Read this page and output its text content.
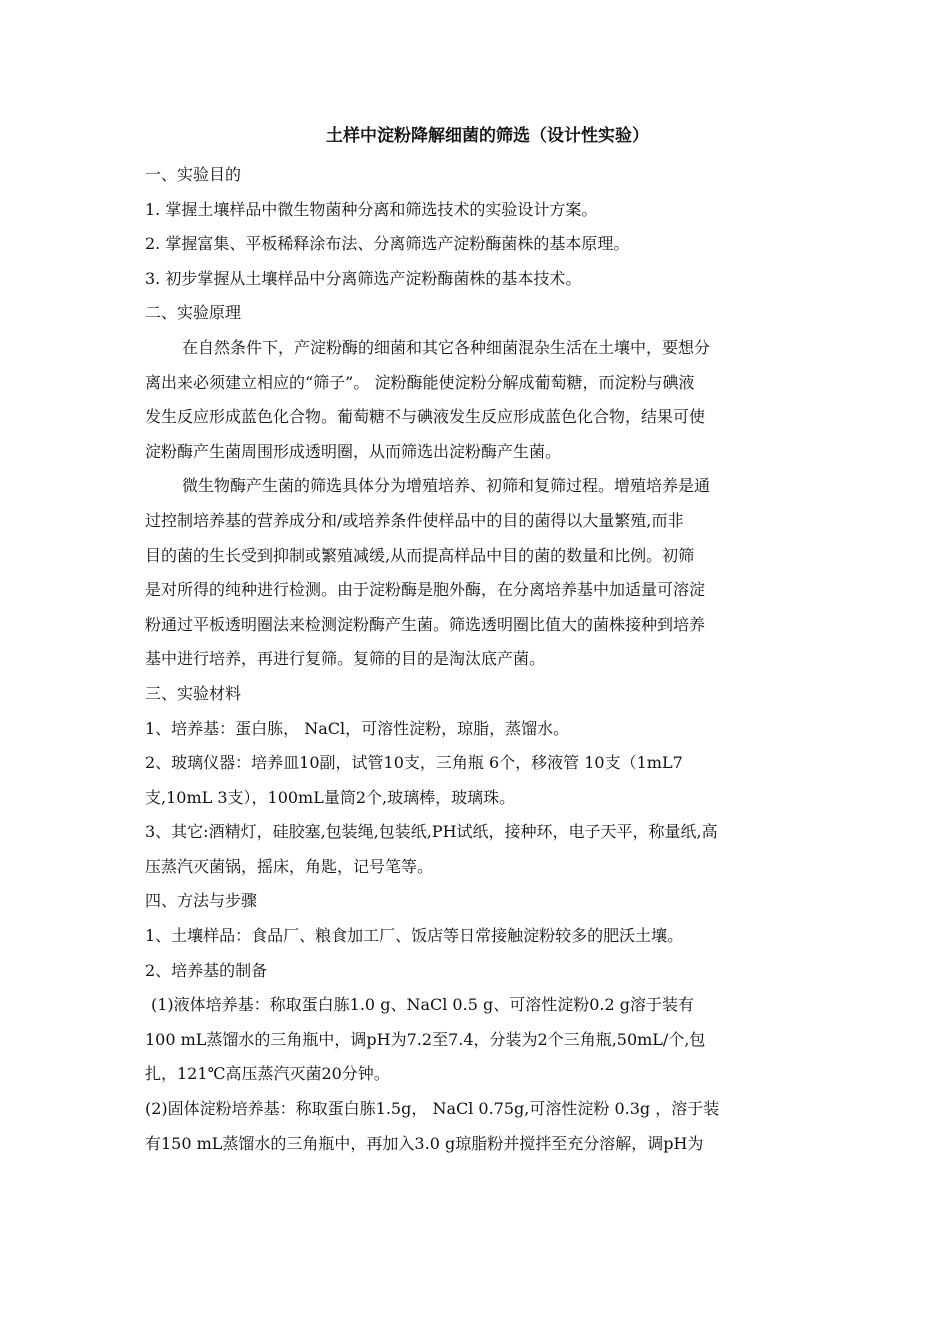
土样中淀粉降解细菌的筛选（设计性实验）
一、实验目的
1. 掌握土壤样品中微生物菌种分离和筛选技术的实验设计方案。
2. 掌握富集、平板稀释涂布法、分离筛选产淀粉酶菌株的基本原理。
3. 初步掌握从土壤样品中分离筛选产淀粉酶菌株的基本技术。
二、实验原理
在自然条件下，产淀粉酶的细菌和其它各种细菌混杂生活在土壤中，要想分
离出来必须建立相应的“筛子”。 淀粉酶能使淀粉分解成葡萄糖，而淀粉与碘液
发生反应形成蓝色化合物。葡萄糖不与碘液发生反应形成蓝色化合物，结果可使
淀粉酶产生菌周围形成透明圈，从而筛选出淀粉酶产生菌。
微生物酶产生菌的筛选具体分为增殖培养、初筛和复筛过程。增殖培养是通
过控制培养基的营养成分和/或培养条件使样品中的目的菌得以大量繁殖,而非
目的菌的生长受到抑制或繁殖减缓,从而提高样品中目的菌的数量和比例。初筛
是对所得的纯种进行检测。由于淀粉酶是胞外酶，在分离培养基中加适量可溶淀
粉通过平板透明圈法来检测淀粉酶产生菌。筛选透明圈比值大的菌株接种到培养
基中进行培养，再进行复筛。复筛的目的是淘汰底产菌。
三、实验材料
1、培养基：蛋白胨， NaCl，可溶性淀粉，琼脂，蒸馏水。
2、玻璃仪器：培养皿10副，试管10支，三角瓶 6个，移液管 10支（1mL7
支,10mL 3支），100mL量筒2个,玻璃棒，玻璃珠。
3、其它:酒精灯，硅胶塞,包装绳,包装纸,PH试纸，接种环，电子天平，称量纸,高
压蒸汽灭菌锅，摇床，角匙，记号笔等。
四、方法与步骤
1、土壤样品：食品厂、粮食加工厂、饭店等日常接触淀粉较多的肥沃土壤。
2、培养基的制备
(1)液体培养基：称取蛋白胨1.0 g、NaCl 0.5 g、可溶性淀粉0.2 g溶于装有
100 mL蒸馏水的三角瓶中，调pH为7.2至7.4，分装为2个三角瓶,50mL/个,包
扎，121℃高压蒸汽灭菌20分钟。
(2)固体淀粉培养基：称取蛋白胨1.5g， NaCl 0.75g,可溶性淀粉 0.3g ，溶于装
有150 mL蒸馏水的三角瓶中，再加入3.0 g琼脂粉并搅拌至充分溶解，调pH为
